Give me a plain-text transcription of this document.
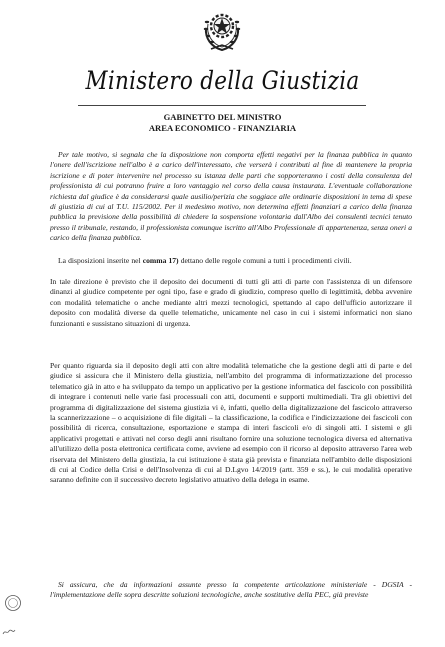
Ministero della Giustizia
GABINETTO DEL MINISTRO
AREA ECONOMICO - FINANZIARIA

Per tale motivo, si segnala che la disposizione non comporta effetti negativi per la finanza pubblica in quanto l'onere dell'iscrizione nell'albo è a carico dell'interessato, che verserà i contributi al fine di mantenere la propria iscrizione e di poter intervenire nel processo su istanza delle parti che sopporteranno i costi della consulenza del professionista di cui potranno fruire a loro vantaggio nel corso della causa instaurata. L'eventuale collaborazione richiesta dal giudice è da considerarsi quale ausilio/perizia che soggiace alle ordinarie disposizioni in tema di spese di giustizia di cui al T.U. 115/2002. Per il medesimo motivo, non determina effetti finanziari a carico della finanza pubblica la previsione della possibilità di chiedere la sospensione volontaria dall'Albo dei consulenti tecnici tenuto presso il tribunale, restando, il professionista comunque iscritto all'Albo Professionale di appartenenza, senza oneri a carico della finanza pubblica.

La disposizioni inserite nel comma 17) dettano delle regole comuni a tutti i procedimenti civili.

In tale direzione è previsto che il deposito dei documenti di tutti gli atti di parte con l'assistenza di un difensore dinanzi al giudice competente per ogni tipo, fase e grado di giudizio, compreso quello di legittimità, debba avvenire con modalità telematiche o anche mediante altri mezzi tecnologici, spettando al capo dell'ufficio autorizzare il deposito con modalità diverse da quelle telematiche, unicamente nel caso in cui i sistemi informatici non siano funzionanti e sussistano situazioni di urgenza.

Per quanto riguarda sia il deposito degli atti con altre modalità telematiche che la gestione degli atti di parte e del giudice si assicura che il Ministero della giustizia, nell'ambito del programma di informatizzazione del processo telematico già in atto e ha sviluppato da tempo un applicativo per la gestione informatica del fascicolo con possibilità di integrare i contenuti nelle varie fasi processuali con atti, documenti e supporti multimediali. Tra gli obiettivi del programma di digitalizzazione del sistema giustizia vi è, infatti, quello della digitalizzazione del fascicolo attraverso la scannerizzazione – o acquisizione di file digitali – la classificazione, la codifica e l'indicizzazione dei fascicoli con possibilità di ricerca, consultazione, esportazione e stampa di interi fascicoli e/o di singoli atti. I sistemi e gli applicativi progettati e attivati nel corso degli anni risultano fornire una soluzione tecnologica diversa ed alternativa all'utilizzo della posta elettronica certificata come, avviene ad esempio con il ricorso al deposito attraverso l'area web riservata del Ministero della giustizia, la cui istituzione è stata già prevista e finanziata nell'ambito delle disposizioni di cui al Codice della Crisi e dell'Insolvenza di cui al D.Lgvo 14/2019 (artt. 359 e ss.), le cui modalità operative saranno definite con il successivo decreto legislativo attuativo della delega in esame.

Si assicura, che da informazioni assunte presso la competente articolazione ministeriale - DGSIA - l'implementazione delle sopra descritte soluzioni tecnologiche, anche sostitutive della PEC, già previste
